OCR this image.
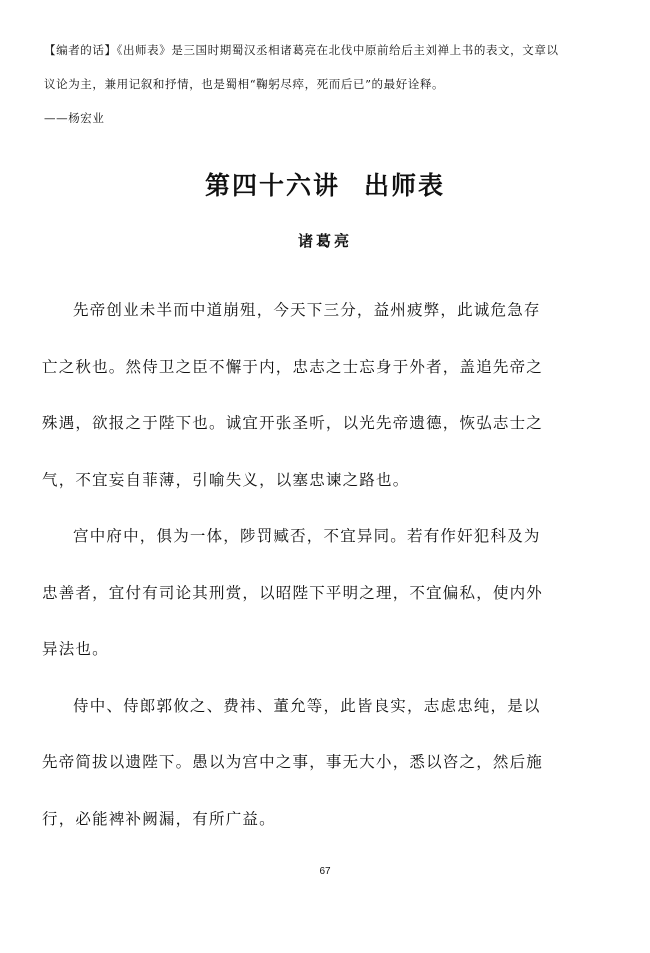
【编者的话】《出师表》是三国时期蜀汉丞相诸葛亮在北伐中原前给后主刘禅上书的表文，文章以议论为主，兼用记叙和抒情，也是蜀相“鞠躬尽瘁，死而后已”的最好诠释。

——杨宏业

第四十六讲 出师表
诸葛亮

先帝创业未半而中道崩殂，今天下三分，益州疲弊，此诚危急存亡之秋也。然侍卫之臣不懈于内，忠志之士忘身于外者，盖追先帝之殊遇，欲报之于陛下也。诚宜开张圣听，以光先帝遗德，恢弘志士之气，不宜妄自菲薄，引喻失义，以塞忠谏之路也。

宫中府中，俱为一体，陟罚臧否，不宜异同。若有作奸犯科及为忠善者，宜付有司论其刑赏，以昭陛下平明之理，不宜偏私，使内外异法也。

侍中、侍郎郭攸之、费祎、董允等，此皆良实，志虑忠纯，是以先帝简拔以遗陛下。愚以为宫中之事，事无大小，悉以咨之，然后施行，必能裨补阙漏，有所广益。

67
